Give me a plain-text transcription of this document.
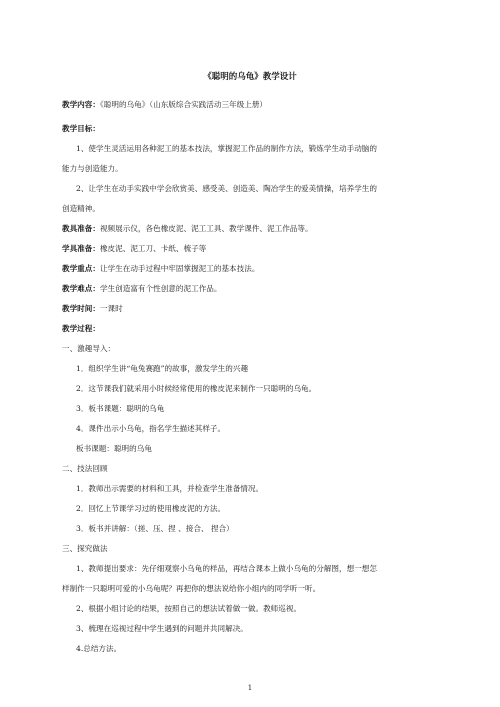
《聪明的乌龟》教学设计
教学内容：《聪明的乌龟》（山东版综合实践活动三年级上册）
教学目标：
1、使学生灵活运用各种泥工的基本技法，掌握泥工作品的制作方法，锻炼学生动手动脑的
能力与创造能力。
2、让学生在动手实践中学会欣赏美、感受美、创造美、陶冶学生的爱美情操，培养学生的
创造精神。
教具准备：视频展示仪，各色橡皮泥、泥工工具、教学课件、泥工作品等。
学具准备：橡皮泥、泥工刀、卡纸、梳子等
教学重点：让学生在动手过程中牢固掌握泥工的基本技法。
教学难点：学生创造富有个性创意的泥工作品。
教学时间：一课时
教学过程：
一、激趣导入：
1．组织学生讲“龟兔赛跑”的故事，激发学生的兴趣
2．这节课我们就采用小时候经常使用的橡皮泥来制作一只聪明的乌龟。
3．板书课题：聪明的乌龟
4．课件出示小乌龟，指名学生描述其样子。
板书课题：聪明的乌龟
二、技法回顾
1．教师出示需要的材料和工具，并检查学生准备情况。
2．回忆上节课学习过的使用橡皮泥的方法。
3．板书并讲解：（搓、压、捏 、接合、 捏合）
三、探究做法
1、教师提出要求：先仔细观察小乌龟的样品，再结合课本上做小乌龟的分解图，想一想怎
样制作一只聪明可爱的小乌龟呢？再把你的想法说给你小组内的同学听一听。
2、根据小组讨论的结果，按照自己的想法试着做一做。教师巡视。
3、梳理在巡视过程中学生遇到的问题并共同解决。
4.总结方法。
1
